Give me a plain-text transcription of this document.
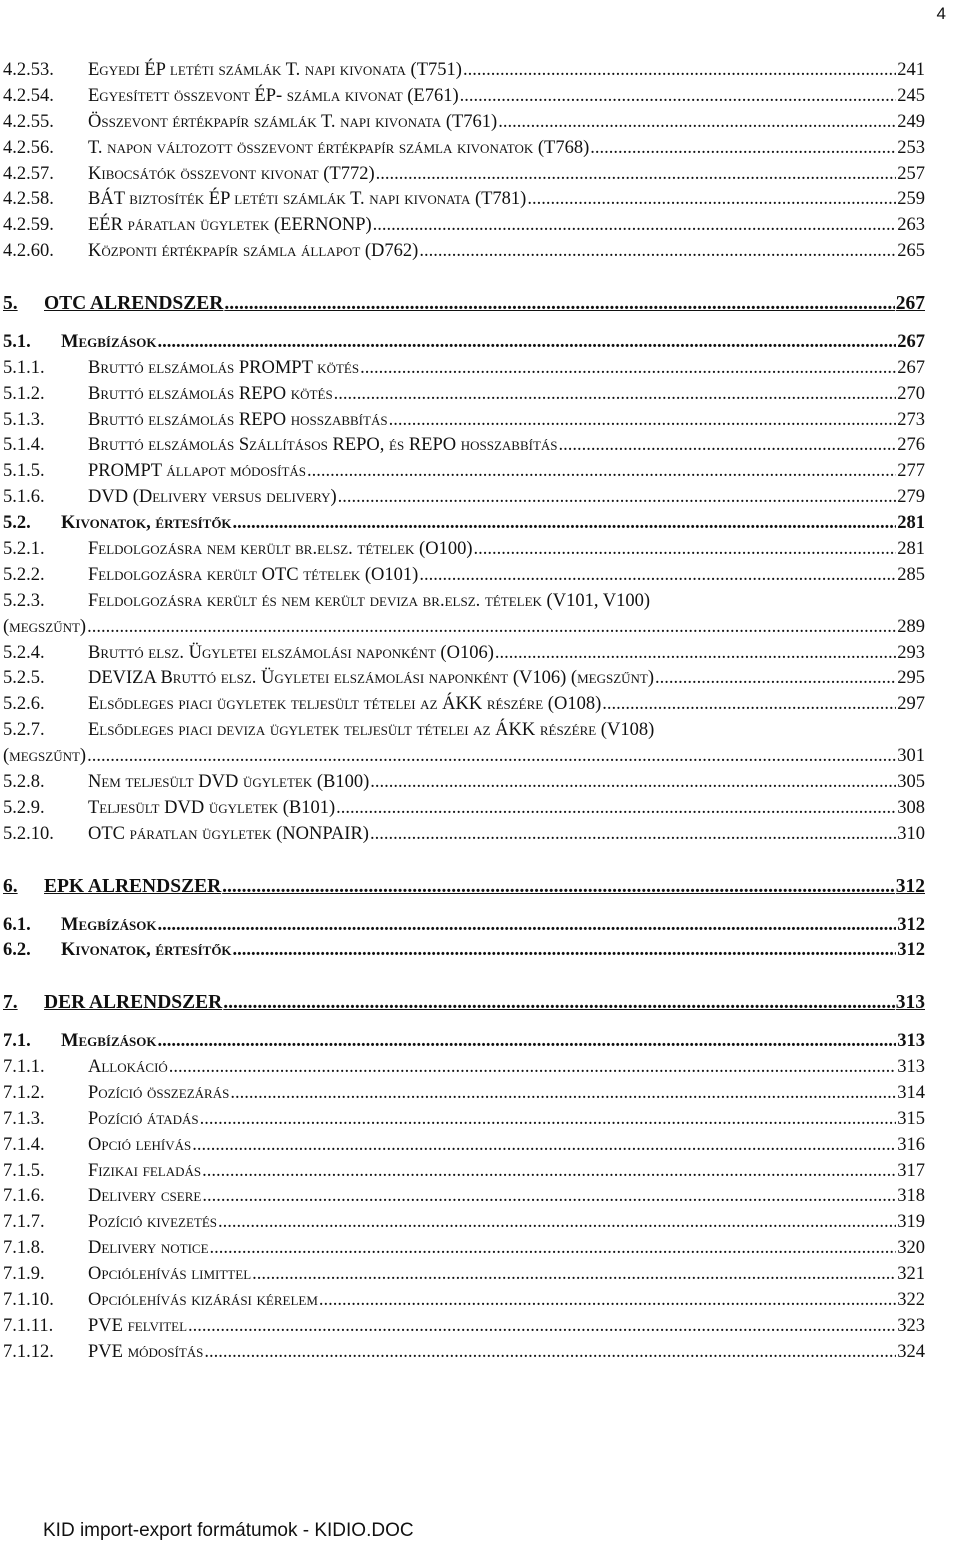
4
4.2.53.	Egyedi ÉP letéti számlák T. napi kivonata (T751) .....	241
4.2.54.	Egyesített összevont ÉP- számla kivonat (E761) .....	245
4.2.55.	Összevont értékpapír számlák T. napi kivonata (T761) .....	249
4.2.56.	T. napon változott összevont értékpapír számla kivonatok (T768) .....	253
4.2.57.	Kibocsátók összevont kivonat (T772) .....	257
4.2.58.	BÁT biztosíték ÉP letéti számlák T. napi kivonata (T781) .....	259
4.2.59.	EÉR páratlan ügyletek (EERNONP) .....	263
4.2.60.	Központi értékpapír számla állapot (D762) .....	265
5.	OTC ALRENDSZER .....	267
5.1.	Megbízások .....	267
5.1.1.	Bruttó elszámolás PROMPT kötés .....	267
5.1.2.	Bruttó elszámolás REPO kötés .....	270
5.1.3.	Bruttó elszámolás REPO hosszabbítás .....	273
5.1.4.	Bruttó elszámolás Szállításos REPO, és REPO hosszabbítás .....	276
5.1.5.	PROMPT állapot módosítás .....	277
5.1.6.	DVD (Delivery versus delivery) .....	279
5.2.	Kivonatok, értesítők .....	281
5.2.1.	Feldolgozásra nem került br.elsz. tételek (O100) .....	281
5.2.2.	Feldolgozásra került OTC tételek (O101) .....	285
5.2.3.	Feldolgozásra került és nem került deviza br.elsz. tételek (V101, V100)
(megszűnt) .....	289
5.2.4.	Bruttó elsz. Ügyletei elszámolási naponként (O106) .....	293
5.2.5.	DEVIZA Bruttó elsz. Ügyletei elszámolási naponként (V106) (megszűnt) .....	295
5.2.6.	Elsődleges piaci ügyletek teljesült tételei az ÁKK részére (O108) .....	297
5.2.7.	Elsődleges piaci deviza ügyletek teljesült tételei az ÁKK részére (V108)
(megszűnt) .....	301
5.2.8.	Nem teljesült DVD ügyletek (B100) .....	305
5.2.9.	Teljesült DVD ügyletek (B101) .....	308
5.2.10.	OTC páratlan ügyletek (NONPAIR) .....	310
6.	EPK ALRENDSZER .....	312
6.1.	Megbízások .....	312
6.2.	Kivonatok, értesítők .....	312
7.	DER ALRENDSZER .....	313
7.1.	Megbízások .....	313
7.1.1.	Allokáció .....	313
7.1.2.	Pozíció összezárás .....	314
7.1.3.	Pozíció átadás .....	315
7.1.4.	Opció lehívás .....	316
7.1.5.	Fizikai feladás .....	317
7.1.6.	Delivery csere .....	318
7.1.7.	Pozíció kivezetés .....	319
7.1.8.	Delivery notice .....	320
7.1.9.	Opciólehívás limittel .....	321
7.1.10.	Opciólehívás kizárási kérelem .....	322
7.1.11.	PVE felvitel .....	323
7.1.12.	PVE módosítás .....	324
KID import-export formátumok - KIDIO.DOC
